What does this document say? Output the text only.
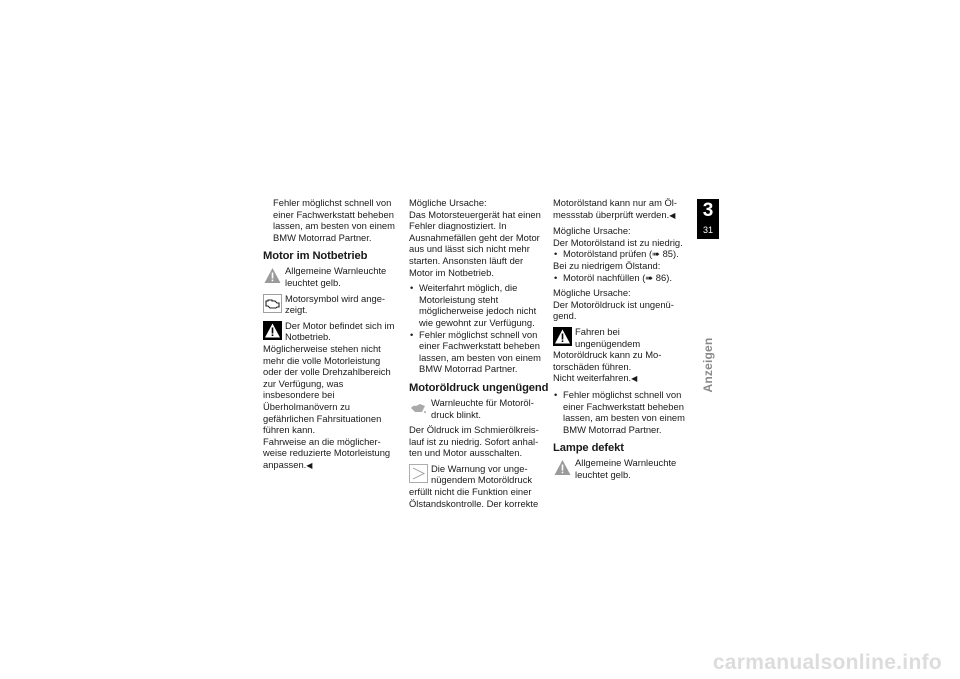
Fehler möglichst schnell von einer Fachwerkstatt beheben lassen, am besten von einem BMW Motorrad Partner.
Motor im Notbetrieb
Allgemeine Warnleuchte leuchtet gelb.
Motorsymbol wird angezeigt.
Der Motor befindet sich im Notbetrieb. Möglicherweise stehen nicht mehr die volle Motorleistung oder der volle Drehzahlbereich zur Verfügung, was insbesondere bei Überholmanövern zu gefährlichen Fahrsituationen führen kann.
Fahrweise an die möglicherweise reduzierte Motorleistung anpassen.◀
Mögliche Ursache:
Das Motorsteuergerät hat einen Fehler diagnostiziert. In Ausnahmefällen geht der Motor aus und lässt sich nicht mehr starten. Ansonsten läuft der Motor im Notbetrieb.
• Weiterfahrt möglich, die Motorleistung steht möglicherweise jedoch nicht wie gewohnt zur Verfügung.
• Fehler möglichst schnell von einer Fachwerkstatt beheben lassen, am besten von einem BMW Motorrad Partner.
Motoröldruck ungenügend
Warnleuchte für Motoröldruck blinkt.
Der Öldruck im Schmierölkreislauf ist zu niedrig. Sofort anhalten und Motor ausschalten.
Die Warnung vor ungenügendem Motoröldruck erfüllt nicht die Funktion einer Ölstandskontrolle. Der korrekte
Motorölstand kann nur am Ölmessstab überprüft werden.◀
Mögliche Ursache:
Der Motorölstand ist zu niedrig.
• Motorölstand prüfen (➠ 85).
Bei zu niedrigem Ölstand:
• Motoröl nachfüllen (➠ 86).
Mögliche Ursache:
Der Motoröldruck ist ungenügend.
Fahren bei ungenügendem Motoröldruck kann zu Motorschäden führen.
Nicht weiterfahren.◀
• Fehler möglichst schnell von einer Fachwerkstatt beheben lassen, am besten von einem BMW Motorrad Partner.
Lampe defekt
Allgemeine Warnleuchte leuchtet gelb.
3
31
Anzeigen
carmanualsonline.info
